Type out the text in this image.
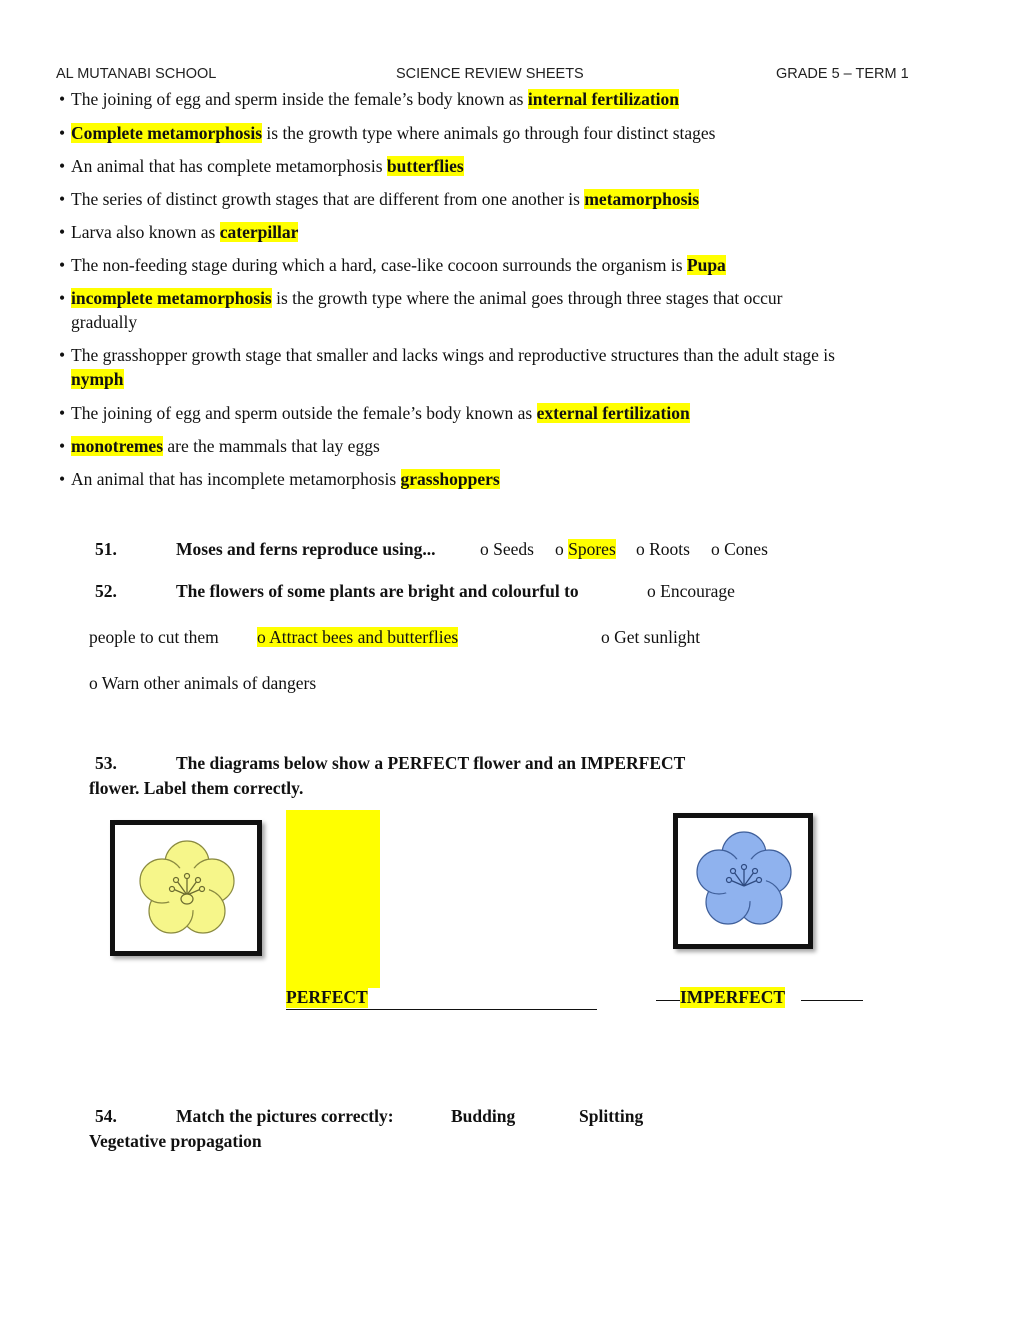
AL MUTANABI SCHOOL	SCIENCE REVIEW SHEETS	GRADE 5 – TERM 1
• The joining of egg and sperm inside the female’s body known as internal fertilization
• Complete metamorphosis is the growth type where animals go through four distinct stages
• An animal that has complete metamorphosis butterflies
• The series of distinct growth stages that are different from one another is metamorphosis
• Larva also known as caterpillar
• The non-feeding stage during which a hard, case-like cocoon surrounds the organism is Pupa
• incomplete metamorphosis is the growth type where the animal goes through three stages that occur
gradually
• The grasshopper growth stage that smaller and lacks wings and reproductive structures than the adult stage is
nymph
• The joining of egg and sperm outside the female’s body known as external fertilization
• monotremes are the mammals that lay eggs
• An animal that has incomplete metamorphosis grasshoppers
51.	Moses and ferns reproduce using...	o Seeds o Spores o Roots o Cones
52.	The flowers of some plants are bright and colourful to	o Encourage
people to cut them o Attract bees and butterflies	o Get sunlight
o Warn other animals of dangers
53.	The diagrams below show a PERFECT flower and an IMPERFECT
flower. Label them correctly.
PERFECT	IMPERFECT
54.	Match the pictures correctly:	Budding	Splitting
Vegetative propagation
